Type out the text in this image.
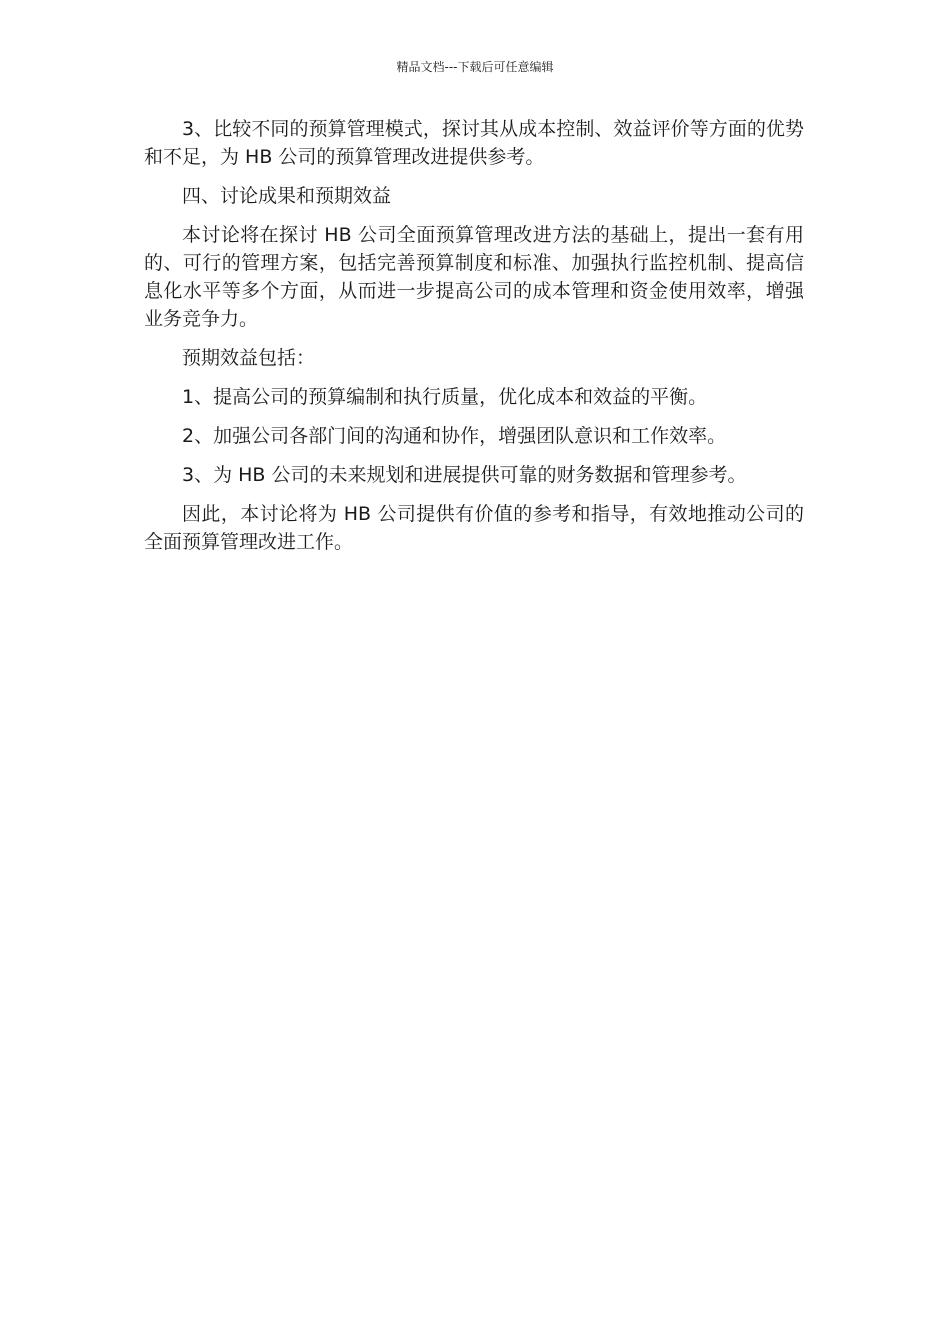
精品文档---下载后可任意编辑

3、比较不同的预算管理模式，探讨其从成本控制、效益评价等方面的优势和不足，为 HB 公司的预算管理改进提供参考。

四、讨论成果和预期效益

本讨论将在探讨 HB 公司全面预算管理改进方法的基础上，提出一套有用的、可行的管理方案，包括完善预算制度和标准、加强执行监控机制、提高信息化水平等多个方面，从而进一步提高公司的成本管理和资金使用效率，增强业务竞争力。

预期效益包括：

1、提高公司的预算编制和执行质量，优化成本和效益的平衡。

2、加强公司各部门间的沟通和协作，增强团队意识和工作效率。

3、为 HB 公司的未来规划和进展提供可靠的财务数据和管理参考。

因此，本讨论将为 HB 公司提供有价值的参考和指导，有效地推动公司的全面预算管理改进工作。
